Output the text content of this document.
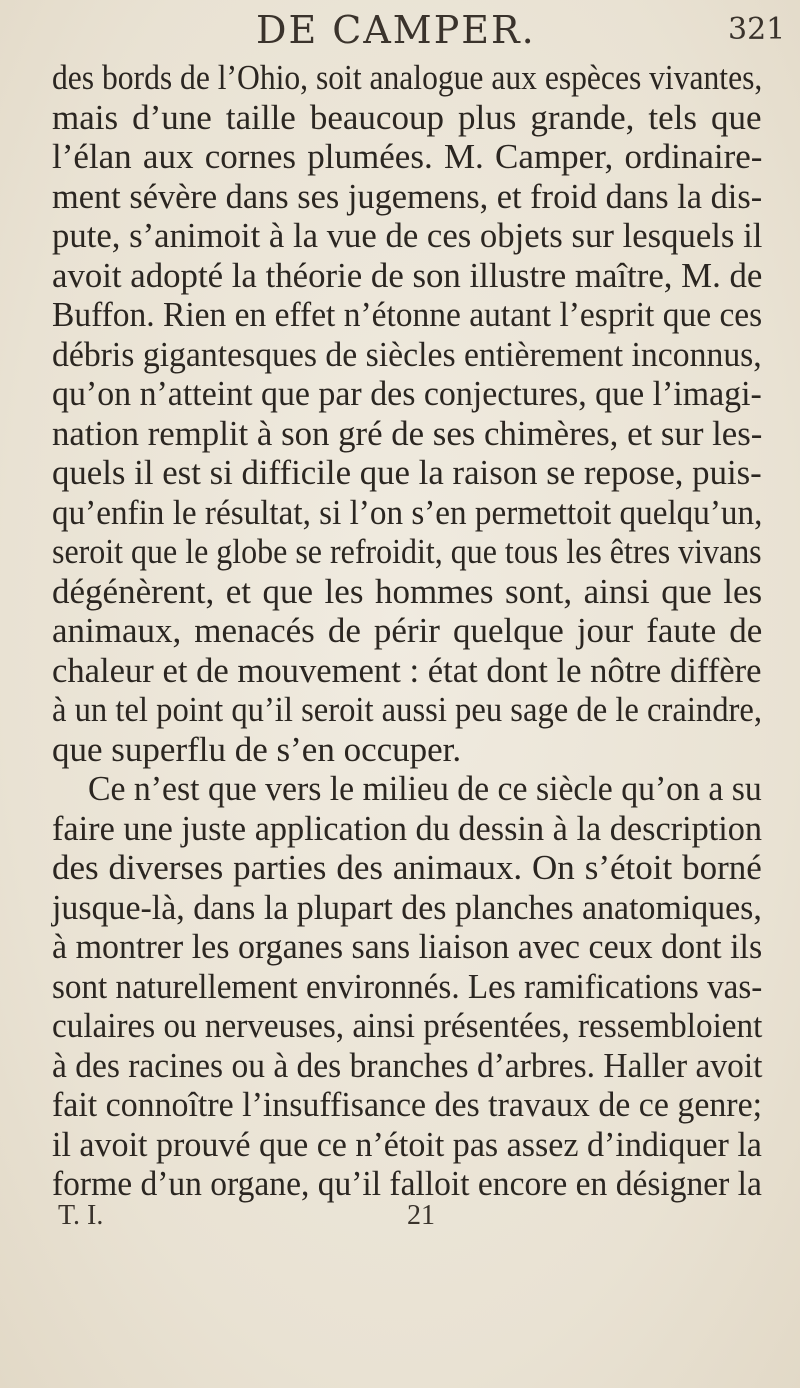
DE CAMPER.	321
des bords de l’Ohio, soit analogue aux espèces vivantes,
mais d’une taille beaucoup plus grande, tels que
l’élan aux cornes plumées. M. Camper, ordinaire-
ment sévère dans ses jugemens, et froid dans la dis-
pute, s’animoit à la vue de ces objets sur lesquels il
avoit adopté la théorie de son illustre maître, M. de
Buffon. Rien en effet n’étonne autant l’esprit que ces
débris gigantesques de siècles entièrement inconnus,
qu’on n’atteint que par des conjectures, que l’imagi-
nation remplit à son gré de ses chimères, et sur les-
quels il est si difficile que la raison se repose, puis-
qu’enfin le résultat, si l’on s’en permettoit quelqu’un,
seroit que le globe se refroidit, que tous les êtres vivans
dégénèrent, et que les hommes sont, ainsi que les
animaux, menacés de périr quelque jour faute de
chaleur et de mouvement : état dont le nôtre diffère
à un tel point qu’il seroit aussi peu sage de le craindre,
que superflu de s’en occuper.
Ce n’est que vers le milieu de ce siècle qu’on a su
faire une juste application du dessin à la description
des diverses parties des animaux. On s’étoit borné
jusque-là, dans la plupart des planches anatomiques,
à montrer les organes sans liaison avec ceux dont ils
sont naturellement environnés. Les ramifications vas-
culaires ou nerveuses, ainsi présentées, ressembloient
à des racines ou à des branches d’arbres. Haller avoit
fait connoître l’insuffisance des travaux de ce genre;
il avoit prouvé que ce n’étoit pas assez d’indiquer la
forme d’un organe, qu’il falloit encore en désigner la
T. I.	21
